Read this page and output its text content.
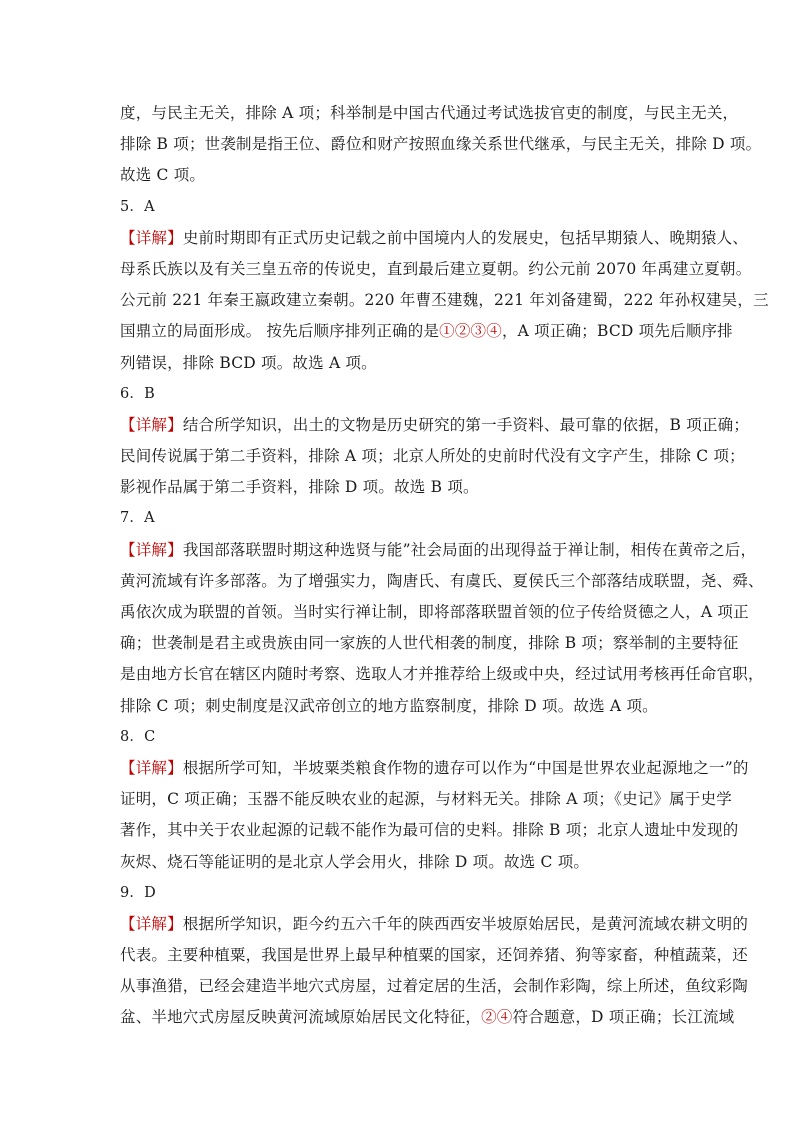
度，与民主无关，排除 A 项；科举制是中国古代通过考试选拔官吏的制度，与民主无关，
排除 B 项；世袭制是指王位、爵位和财产按照血缘关系世代继承，与民主无关，排除 D 项。
故选 C 项。
5．A
【详解】史前时期即有正式历史记载之前中国境内人的发展史，包括早期猿人、晚期猿人、
母系氏族以及有关三皇五帝的传说史，直到最后建立夏朝。约公元前 2070 年禹建立夏朝。
公元前 221 年秦王嬴政建立秦朝。220 年曹丕建魏，221 年刘备建蜀，222 年孙权建吴，三
国鼎立的局面形成。 按先后顺序排列正确的是①②③④，A 项正确；BCD 项先后顺序排
列错误，排除 BCD 项。故选 A 项。
6．B
【详解】结合所学知识，出土的文物是历史研究的第一手资料、最可靠的依据，B 项正确；
民间传说属于第二手资料，排除 A 项；北京人所处的史前时代没有文字产生，排除 C 项；
影视作品属于第二手资料，排除 D 项。故选 B 项。
7．A
【详解】我国部落联盟时期这种选贤与能”社会局面的出现得益于禅让制，相传在黄帝之后，
黄河流域有许多部落。为了增强实力，陶唐氏、有虞氏、夏侯氏三个部落结成联盟，尧、舜、
禹依次成为联盟的首领。当时实行禅让制，即将部落联盟首领的位子传给贤德之人，A 项正
确；世袭制是君主或贵族由同一家族的人世代相袭的制度，排除 B 项；察举制的主要特征
是由地方长官在辖区内随时考察、选取人才并推荐给上级或中央，经过试用考核再任命官职，
排除 C 项；刺史制度是汉武帝创立的地方监察制度，排除 D 项。故选 A 项。
8．C
【详解】根据所学可知，半坡粟类粮食作物的遗存可以作为“中国是世界农业起源地之一”的
证明，C 项正确；玉器不能反映农业的起源，与材料无关。排除 A 项；《史记》属于史学
著作，其中关于农业起源的记载不能作为最可信的史料。排除 B 项；北京人遗址中发现的
灰烬、烧石等能证明的是北京人学会用火，排除 D 项。故选 C 项。
9．D
【详解】根据所学知识，距今约五六千年的陕西西安半坡原始居民，是黄河流域农耕文明的
代表。主要种植粟，我国是世界上最早种植粟的国家，还饲养猪、狗等家畜，种植蔬菜，还
从事渔猎，已经会建造半地穴式房屋，过着定居的生活，会制作彩陶，综上所述，鱼纹彩陶
盆、半地穴式房屋反映黄河流域原始居民文化特征，②④符合题意，D 项正确；长江流域
